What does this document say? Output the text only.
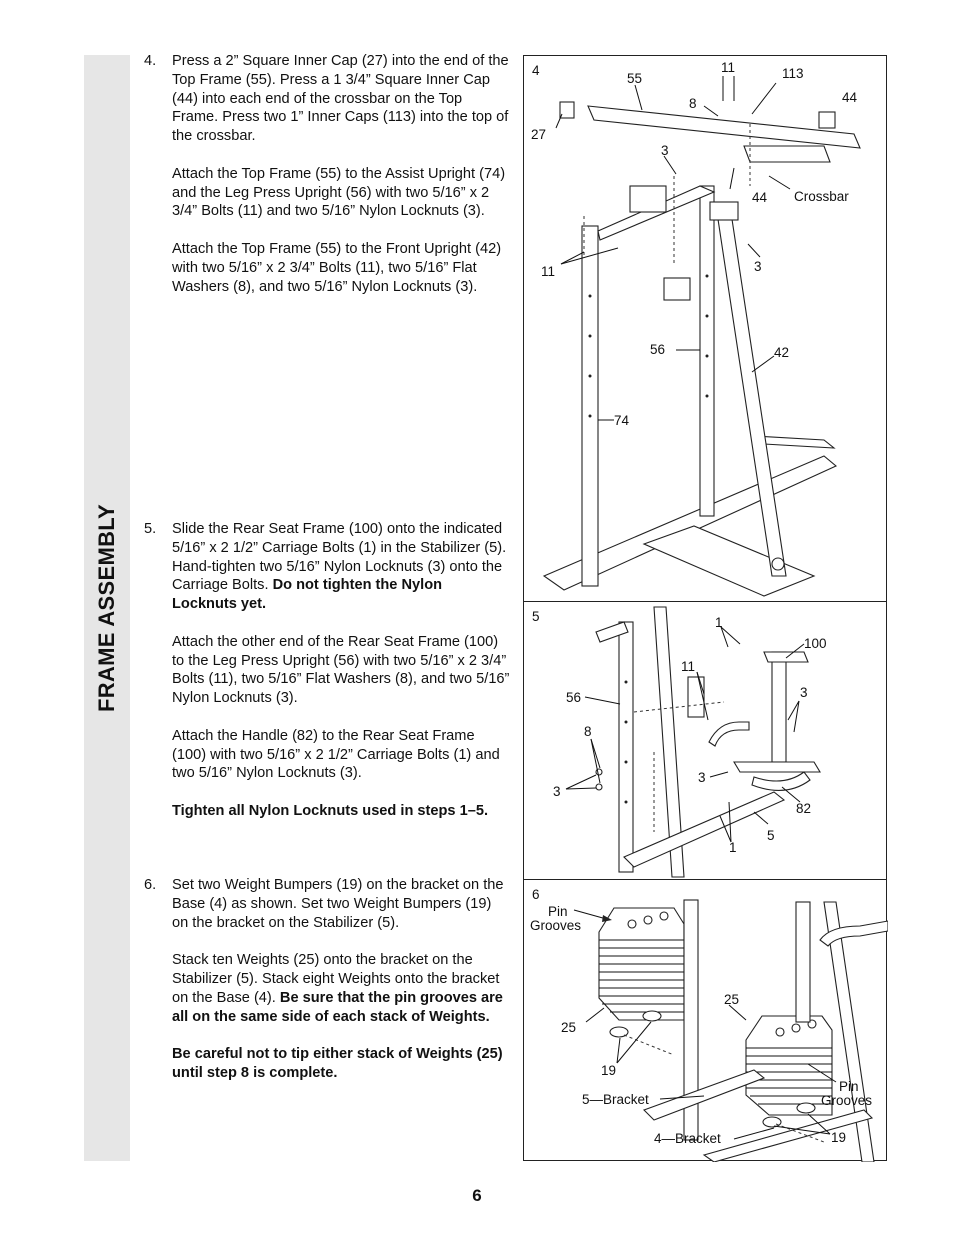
FRAME ASSEMBLY
4. Press a 2” Square Inner Cap (27) into the end of the Top Frame (55). Press a 1 3/4” Square Inner Cap (44) into each end of the crossbar on the Top Frame. Press two 1” Inner Caps (113) into the top of the crossbar.

Attach the Top Frame (55) to the Assist Upright (74) and the Leg Press Upright (56) with two 5/16” x 2 3/4” Bolts (11) and two 5/16” Nylon Locknuts (3).

Attach the Top Frame (55) to the Front Upright (42) with two 5/16” x 2 3/4” Bolts (11), two 5/16” Flat Washers (8), and two 5/16” Nylon Locknuts (3).

5. Slide the Rear Seat Frame (100) onto the indicated 5/16” x 2 1/2” Carriage Bolts (1) in the Stabilizer (5). Hand-tighten two 5/16” Nylon Locknuts (3) onto the Carriage Bolts. Do not tighten the Nylon Locknuts yet.

Attach the other end of the Rear Seat Frame (100) to the Leg Press Upright (56) with two 5/16” x 2 3/4” Bolts (11), two 5/16” Flat Washers (8), and two 5/16” Nylon Locknuts (3).

Attach the Handle (82) to the Rear Seat Frame (100) with two 5/16” x 2 1/2” Carriage Bolts (1) and two 5/16” Nylon Locknuts (3).

Tighten all Nylon Locknuts used in steps 1–5.

6. Set two Weight Bumpers (19) on the bracket on the Base (4) as shown. Set two Weight Bumpers (19) on the bracket on the Stabilizer (5).

Stack ten Weights (25) onto the bracket on the Stabilizer (5). Stack eight Weights onto the bracket on the Base (4). Be sure that the pin grooves are all on the same side of each stack of Weights.

Be careful not to tip either stack of Weights (25) until step 8 is complete.

4
55
11	113
8	44
27
3
44 Crossbar
11	3
56	42
74
5	1
100
11
56	3
8
3
3
82
5
1
6
Pin
Grooves
25
25
19
5—Bracket
Pin
Grooves
4—Bracket	19
6
